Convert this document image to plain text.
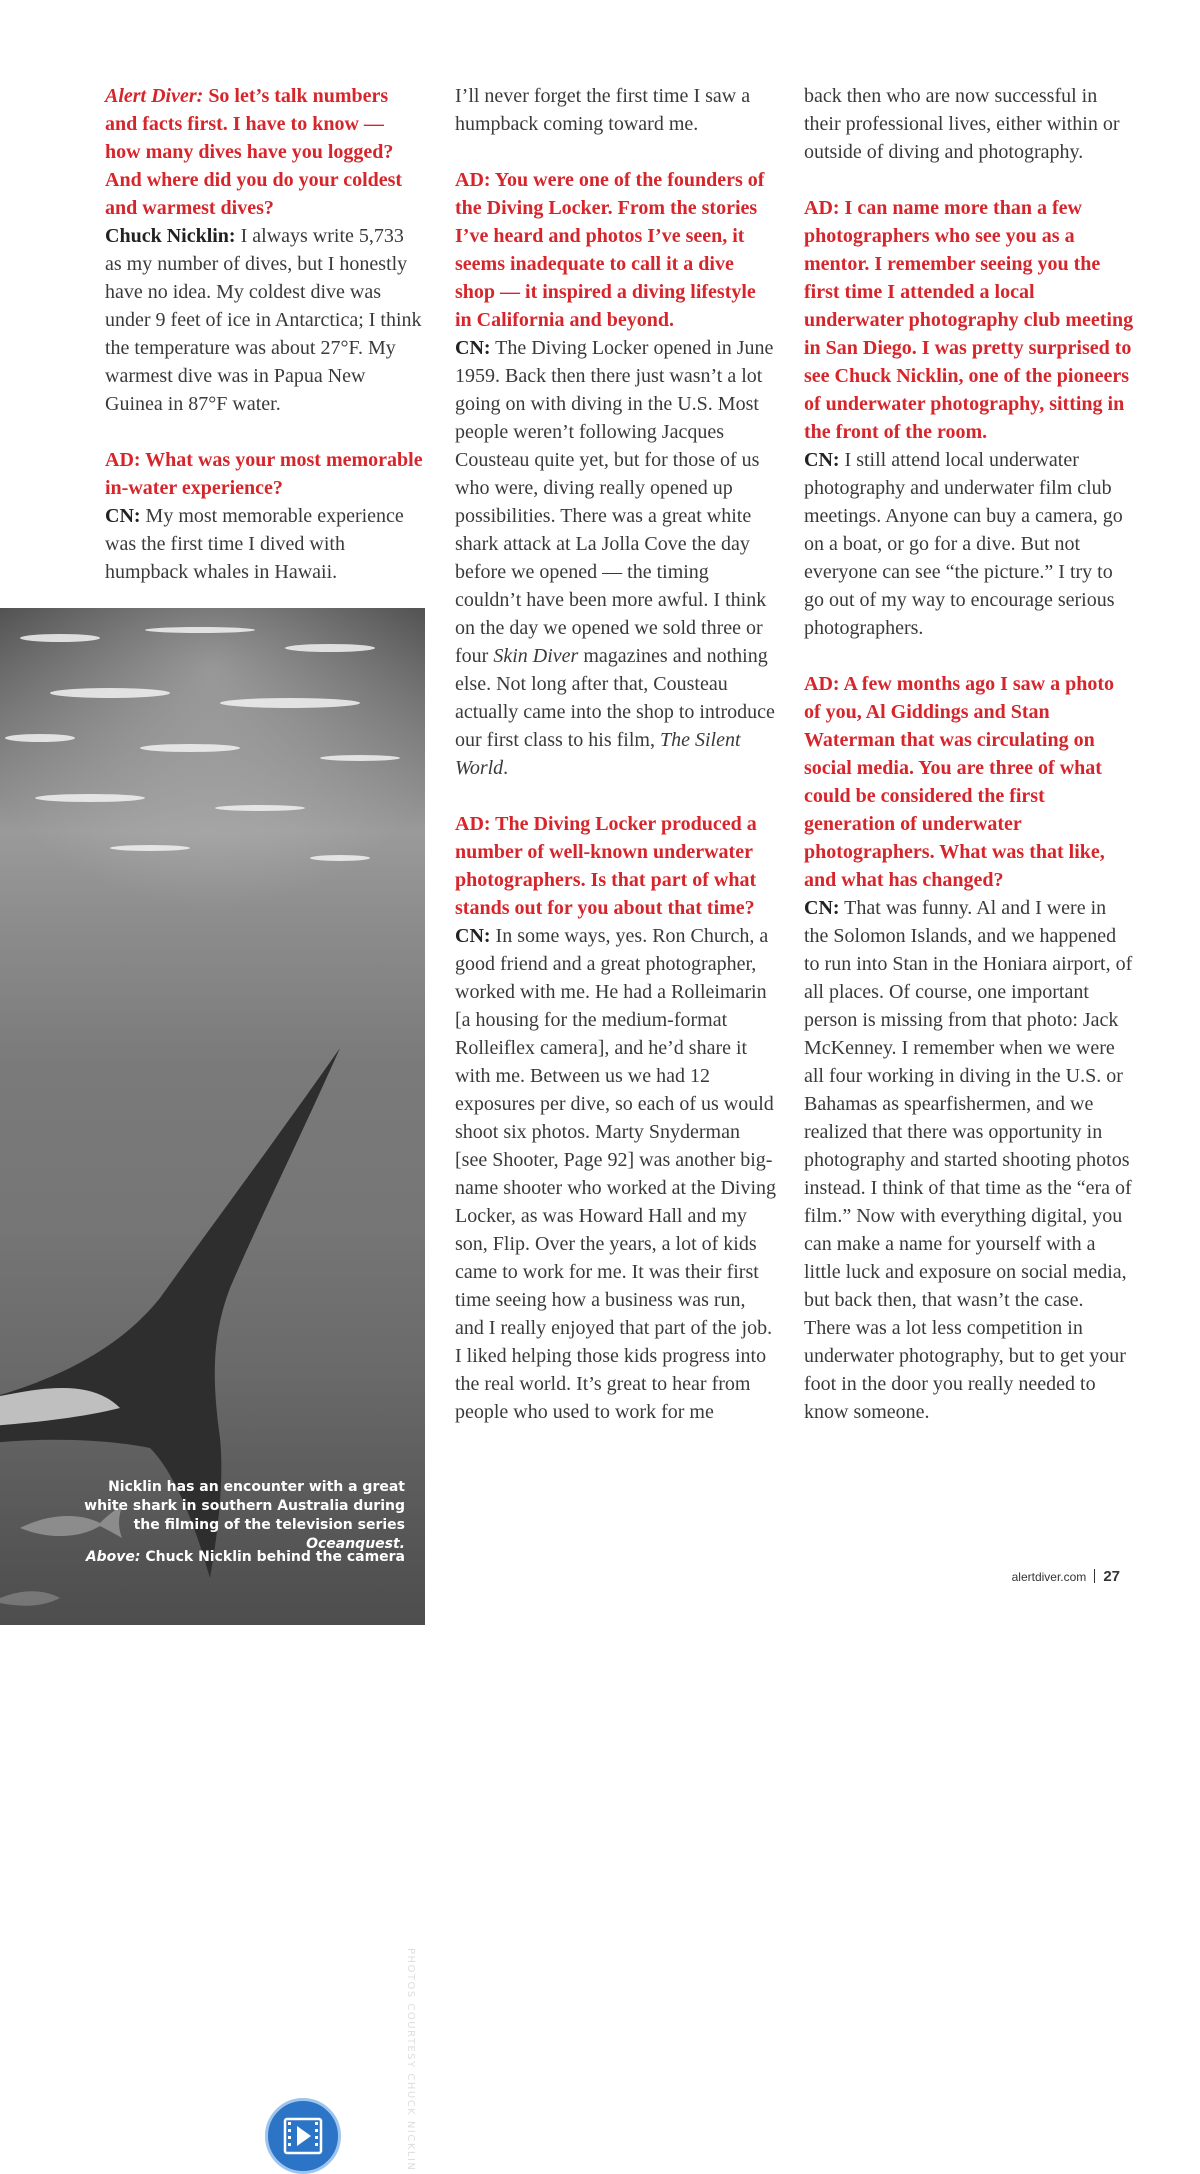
Alert Diver: So let’s talk numbers and facts first. I have to know — how many dives have you logged? And where did you do your coldest and warmest dives?
Chuck Nicklin: I always write 5,733 as my number of dives, but I honestly have no idea. My coldest dive was under 9 feet of ice in Antarctica; I think the temperature was about 27°F. My warmest dive was in Papua New Guinea in 87°F water.

AD: What was your most memorable in-water experience?
CN: My most memorable experience was the first time I dived with humpback whales in Hawaii.

I’ll never forget the first time I saw a humpback coming toward me.

AD: You were one of the founders of the Diving Locker. From the stories I’ve heard and photos I’ve seen, it seems inadequate to call it a dive shop — it inspired a diving lifestyle in California and beyond.
CN: The Diving Locker opened in June 1959. Back then there just wasn’t a lot going on with diving in the U.S. Most people weren’t following Jacques Cousteau quite yet, but for those of us who were, diving really opened up possibilities. There was a great white shark attack at La Jolla Cove the day before we opened — the timing couldn’t have been more awful. I think on the day we opened we sold three or four Skin Diver magazines and nothing else. Not long after that, Cousteau actually came into the shop to introduce our first class to his film, The Silent World.

AD: The Diving Locker produced a number of well-known underwater photographers. Is that part of what stands out for you about that time?
CN: In some ways, yes. Ron Church, a good friend and a great photographer, worked with me. He had a Rolleimarin [a housing for the medium-format Rolleiflex camera], and he’d share it with me. Between us we had 12 exposures per dive, so each of us would shoot six photos. Marty Snyderman [see Shooter, Page 92] was another big-name shooter who worked at the Diving Locker, as was Howard Hall and my son, Flip. Over the years, a lot of kids came to work for me. It was their first time seeing how a business was run, and I really enjoyed that part of the job. I liked helping those kids progress into the real world. It’s great to hear from people who used to work for me

back then who are now successful in their professional lives, either within or outside of diving and photography.

AD: I can name more than a few photographers who see you as a mentor. I remember seeing you the first time I attended a local underwater photography club meeting in San Diego. I was pretty surprised to see Chuck Nicklin, one of the pioneers of underwater photography, sitting in the front of the room.
CN: I still attend local underwater photography and underwater film club meetings. Anyone can buy a camera, go on a boat, or go for a dive. But not everyone can see “the picture.” I try to go out of my way to encourage serious photographers.

AD: A few months ago I saw a photo of you, Al Giddings and Stan Waterman that was circulating on social media. You are three of what could be considered the first generation of underwater photographers. What was that like, and what has changed?
CN: That was funny. Al and I were in the Solomon Islands, and we happened to run into Stan in the Honiara airport, of all places. Of course, one important person is missing from that photo: Jack McKenney. I remember when we were all four working in diving in the U.S. or Bahamas as spearfishermen, and we realized that there was opportunity in photography and started shooting photos instead. I think of that time as the “era of film.” Now with everything digital, you can make a name for yourself with a little luck and exposure on social media, but back then, that wasn’t the case. There was a lot less competition in underwater photography, but to get your foot in the door you really needed to know someone.

Nicklin has an encounter with a great white shark in southern Australia during the filming of the television series Oceanquest.
Above: Chuck Nicklin behind the camera
PHOTOS COURTESY CHUCK NICKLIN
alertdiver.com 27
